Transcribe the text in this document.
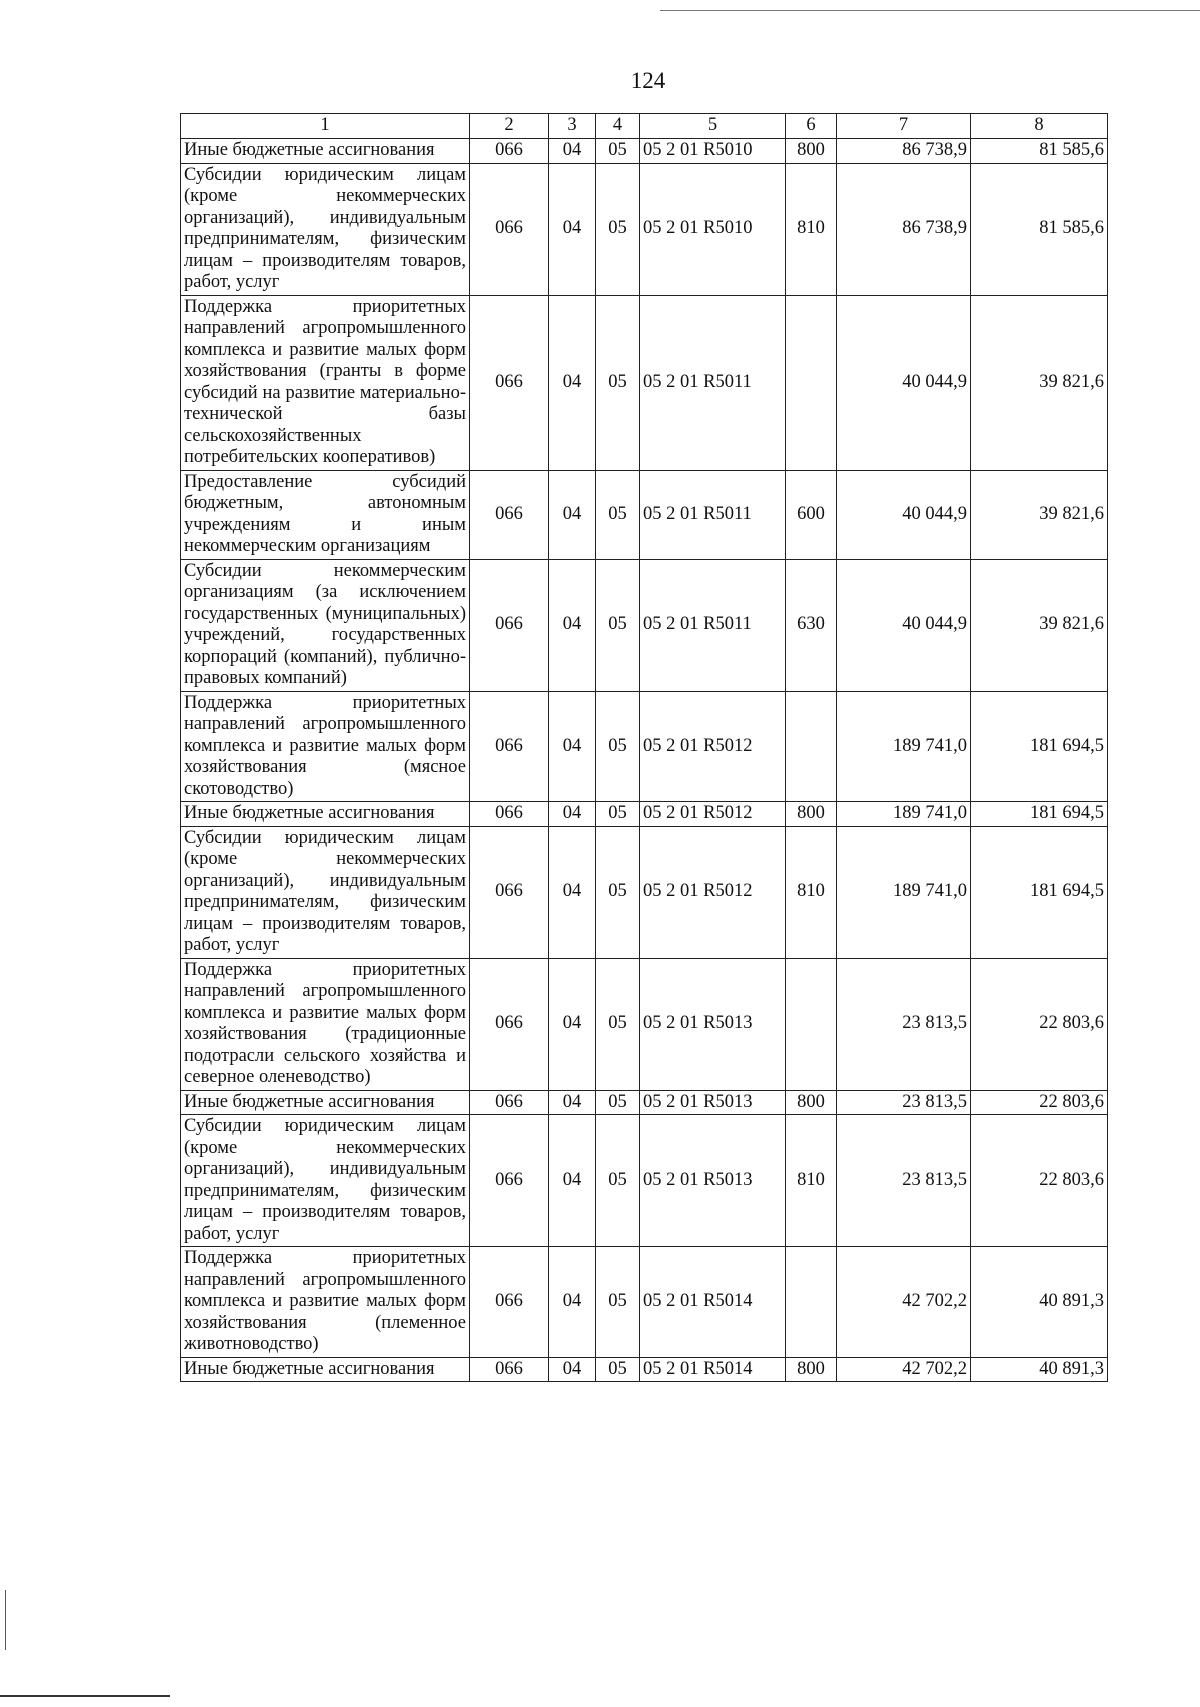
124
1	2	3	4	5	6	7	8
Иные бюджетные ассигнования	066	04	05	05 2 01 R5010	800	86 738,9	81 585,6
Субсидии юридическим лицам (кроме некоммерческих организаций), индивидуальным предпринимателям, физическим лицам – производителям товаров, работ, услуг	066	04	05	05 2 01 R5010	810	86 738,9	81 585,6
Поддержка приоритетных направлений агропромышленного комплекса и развитие малых форм хозяйствования (гранты в форме субсидий на развитие материально-технической базы сельскохозяйственных потребительских кооперативов)	066	04	05	05 2 01 R5011		40 044,9	39 821,6
Предоставление субсидий бюджетным, автономным учреждениям и иным некоммерческим организациям	066	04	05	05 2 01 R5011	600	40 044,9	39 821,6
Субсидии некоммерческим организациям (за исключением государственных (муниципальных) учреждений, государственных корпораций (компаний), публично-правовых компаний)	066	04	05	05 2 01 R5011	630	40 044,9	39 821,6
Поддержка приоритетных направлений агропромышленного комплекса и развитие малых форм хозяйствования (мясное скотоводство)	066	04	05	05 2 01 R5012		189 741,0	181 694,5
Иные бюджетные ассигнования	066	04	05	05 2 01 R5012	800	189 741,0	181 694,5
Субсидии юридическим лицам (кроме некоммерческих организаций), индивидуальным предпринимателям, физическим лицам – производителям товаров, работ, услуг	066	04	05	05 2 01 R5012	810	189 741,0	181 694,5
Поддержка приоритетных направлений агропромышленного комплекса и развитие малых форм хозяйствования (традиционные подотрасли сельского хозяйства и северное оленеводство)	066	04	05	05 2 01 R5013		23 813,5	22 803,6
Иные бюджетные ассигнования	066	04	05	05 2 01 R5013	800	23 813,5	22 803,6
Субсидии юридическим лицам (кроме некоммерческих организаций), индивидуальным предпринимателям, физическим лицам – производителям товаров, работ, услуг	066	04	05	05 2 01 R5013	810	23 813,5	22 803,6
Поддержка приоритетных направлений агропромышленного комплекса и развитие малых форм хозяйствования (племенное животноводство)	066	04	05	05 2 01 R5014		42 702,2	40 891,3
Иные бюджетные ассигнования	066	04	05	05 2 01 R5014	800	42 702,2	40 891,3
